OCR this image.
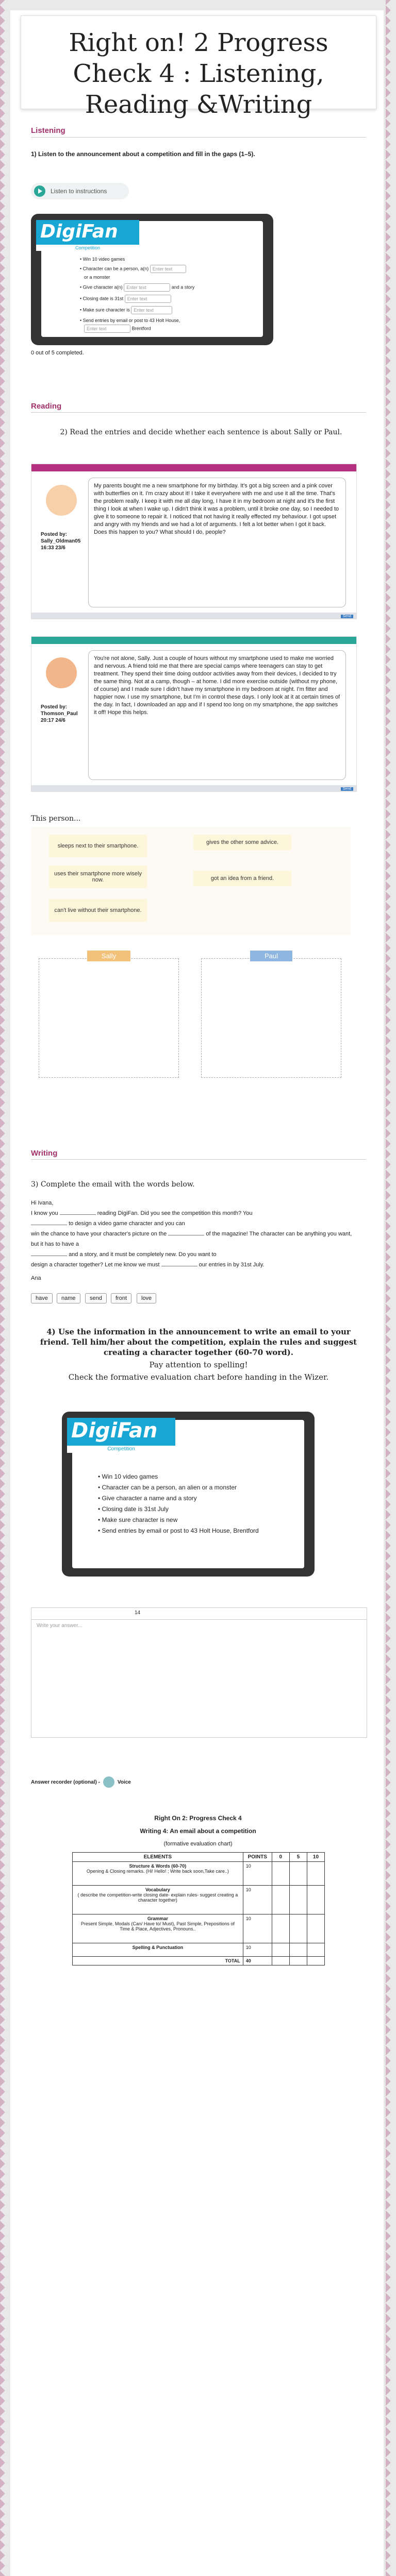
Right on! 2 Progress Check 4 : Listening, Reading &Writing
Listening
1) Listen to the announcement about a competition and fill in the gaps (1–5).
Listen to instructions
DigiFan
Competition
• Win 10 video games
• Character can be a person, a(n) Enter text
or a monster
• Give character a(n) Enter text	and a story
• Closing date is 31st Enter text
• Make sure character is Enter text
• Send entries by email or post to 43 Holt House,
Enter text	Brentford
0 out of 5 completed.
Reading
2) Read the entries and decide whether each sentence is about Sally or Paul.
Posted by:
Sally_Oldman05
16:33 23/6
My parents bought me a new smartphone for my birthday. It's got a big screen and a pink cover with butterflies on it. I'm crazy about it! I take it everywhere with me and use it all the time. That's the problem really. I keep it with me all day long, I have it in my bedroom at night and it's the first thing I look at when I wake up. I didn't think it was a problem, until it broke one day, so I needed to give it to someone to repair it. I noticed that not having it really effected my behaviour. I got upset and angry with my friends and we had a lot of arguments. I felt a lot better when I got it back. Does this happen to you? What should I do, people?
Send
Posted by:
Thomson_Paul
20:17 24/6
You're not alone, Sally. Just a couple of hours without my smartphone used to make me worried and nervous. A friend told me that there are special camps where teenagers can stay to get treatment. They spend their time doing outdoor activities away from their devices, I decided to try the same thing. Not at a camp, though – at home. I did more exercise outside (without my phone, of course) and I made sure I didn't have my smartphone in my bedroom at night. I'm fitter and happier now. I use my smartphone, but I'm in control these days. I only look at it at certain times of the day. In fact, I downloaded an app and if I spend too long on my smartphone, the app switches it off! Hope this helps.
Send
This person...
sleeps next to their smartphone.
gives the other some advice.
uses their smartphone more wisely now.	got an idea from a friend.
can't live without their smartphone.
Sally	Paul
Writing
3) Complete the email with the words below.
Hi Ivana,
I know you	reading DigiFan. Did you see the competition this month? You
to design a video game character and you can
win the chance to have your character's picture on the	of the magazine! The character can be anything you want, but it has to have a
and a story, and it must be completely new. Do you want to
design a character together? Let me know we must	our entries in by 31st July.
Ana
have	name	send	front	love
4) Use the information in the announcement to write an email to your friend. Tell him/her about the competition, explain the rules and suggest creating a character together (60-70 word).
Pay attention to spelling!
Check the formative evaluation chart before handing in the Wizer.
DigiFan
Competition
• Win 10 video games
• Character can be a person, an alien or a monster
• Give character a name and a story
• Closing date is 31st July
• Make sure character is new
• Send entries by email or post to 43 Holt House, Brentford
14
Write your answer...
Answer recorder (optional) -	Voice
Right On 2: Progress Check 4
Writing 4: An email about a competition
(formative evaluation chart)
ELEMENTS	POINTS	0	5	10

Structure & Words (60-70)
Opening & Closing remarks. (Hi! Hello! ; Write back soon,Take care..)	10			

Vocabulary
( describe the competition-write closing date- explain rules- suggest creating a character together)	10			

Grammar
Present Simple, Modals (Can/ Have to/ Must), Past Simple, Prepositions of Time & Place, Adjectives, Pronouns..	10			

Spelling & Punctuation	10			
TOTAL	40			
